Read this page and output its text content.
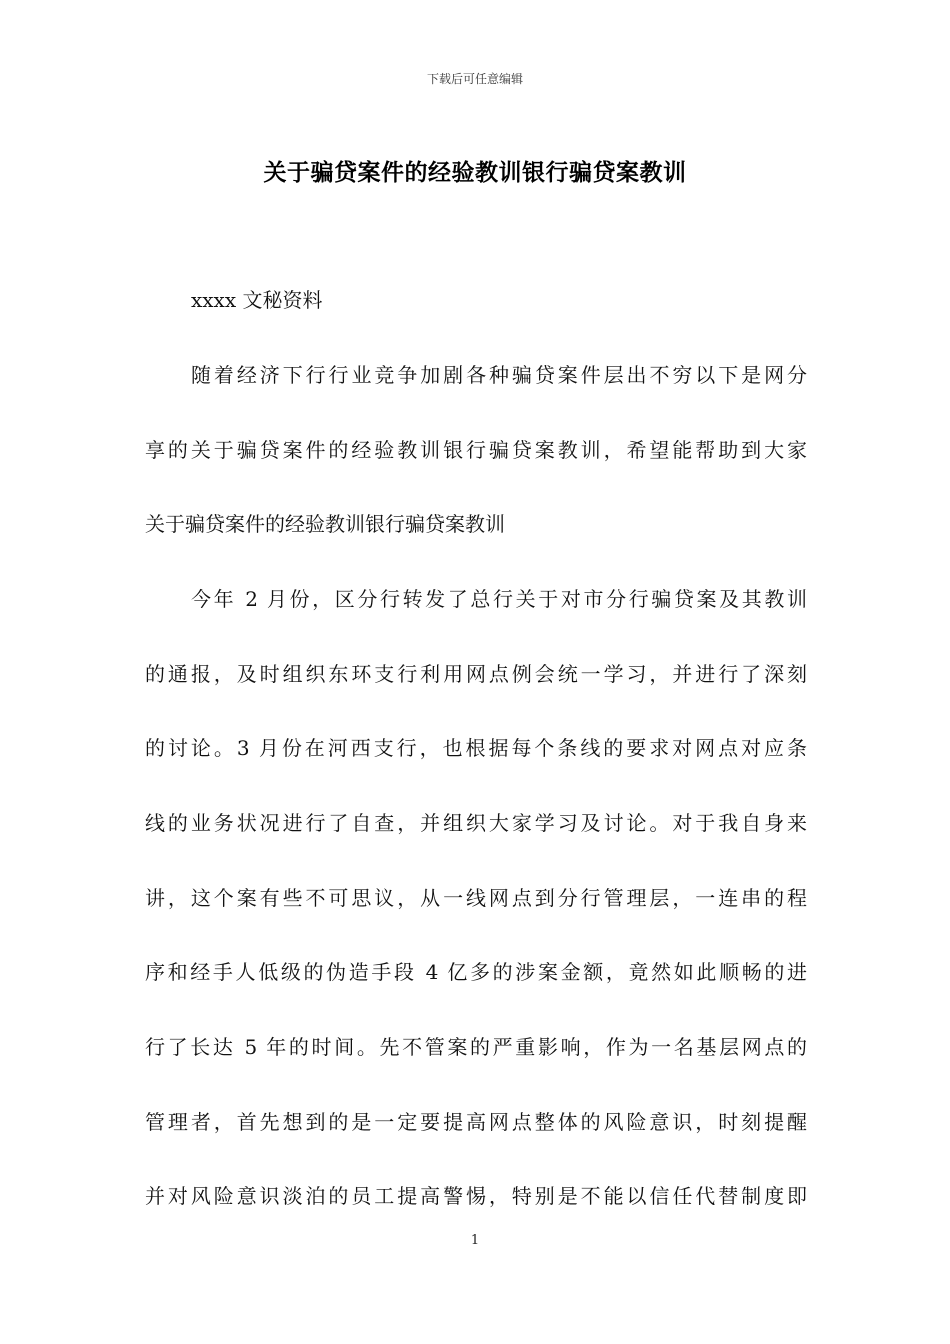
下载后可任意编辑
关于骗贷案件的经验教训银行骗贷案教训
xxxx 文秘资料
随着经济下行行业竞争加剧各种骗贷案件层出不穷以下是网分
享的关于骗贷案件的经验教训银行骗贷案教训，希望能帮助到大家
关于骗贷案件的经验教训银行骗贷案教训
今年 2 月份，区分行转发了总行关于对市分行骗贷案及其教训
的通报，及时组织东环支行利用网点例会统一学习，并进行了深刻
的讨论。3 月份在河西支行，也根据每个条线的要求对网点对应条
线的业务状况进行了自查，并组织大家学习及讨论。对于我自身来
讲，这个案有些不可思议，从一线网点到分行管理层，一连串的程
序和经手人低级的伪造手段 4 亿多的涉案金额，竟然如此顺畅的进
行了长达 5 年的时间。先不管案的严重影响，作为一名基层网点的
管理者，首先想到的是一定要提高网点整体的风险意识，时刻提醒
并对风险意识淡泊的员工提高警惕，特别是不能以信任代替制度即
1
